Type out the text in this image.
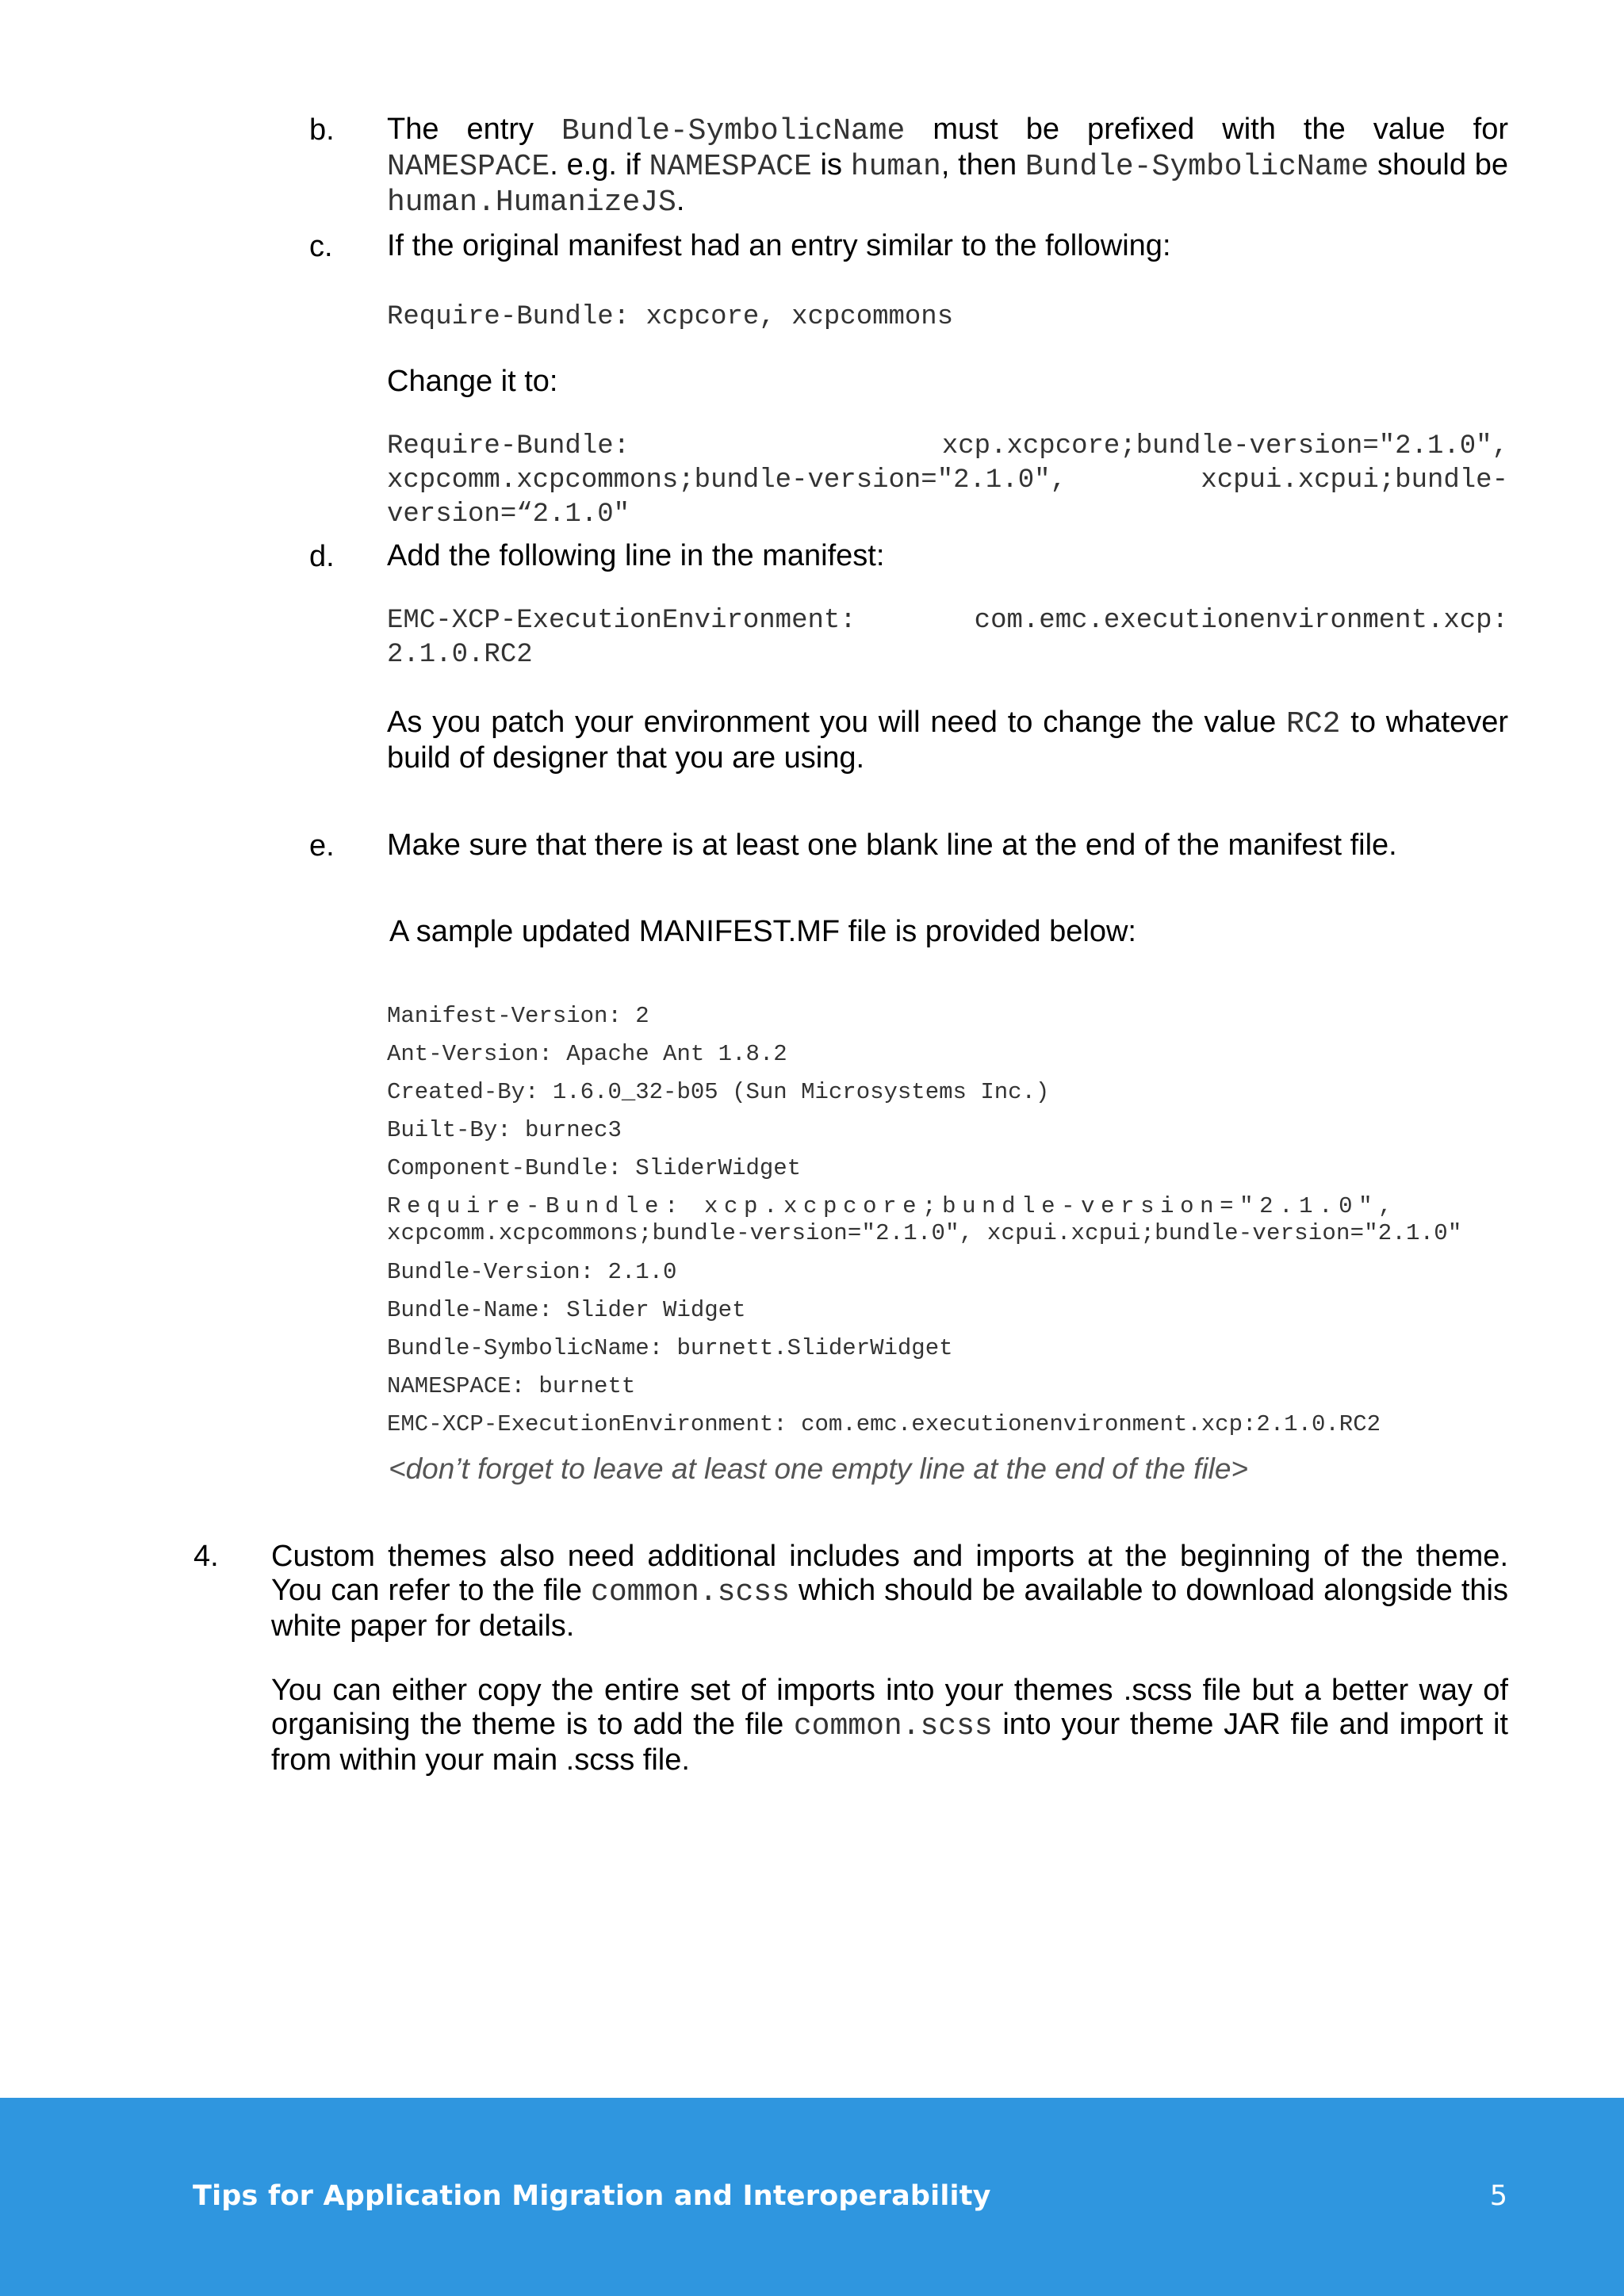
b. The entry Bundle-SymbolicName must be prefixed with the value for NAMESPACE. e.g. if NAMESPACE is human, then Bundle-SymbolicName should be human.HumanizeJS.
c. If the original manifest had an entry similar to the following:
Require-Bundle: xcpcore, xcpcommons
Change it to:
Require-Bundle: xcp.xcpcore;bundle-version="2.1.0", xcpcomm.xcpcommons;bundle-version="2.1.0", xcpui.xcpui;bundle-version=“2.1.0"
d. Add the following line in the manifest:
EMC-XCP-ExecutionEnvironment: com.emc.executionenvironment.xcp: 2.1.0.RC2
As you patch your environment you will need to change the value RC2 to whatever build of designer that you are using.
e. Make sure that there is at least one blank line at the end of the manifest file.
A sample updated MANIFEST.MF file is provided below:
Manifest-Version: 2
Ant-Version: Apache Ant 1.8.2
Created-By: 1.6.0_32-b05 (Sun Microsystems Inc.)
Built-By: burnec3
Component-Bundle: SliderWidget
Require-Bundle: xcp.xcpcore;bundle-version="2.1.0",
xcpcomm.xcpcommons;bundle-version="2.1.0", xcpui.xcpui;bundle-version="2.1.0"
Bundle-Version: 2.1.0
Bundle-Name: Slider Widget
Bundle-SymbolicName: burnett.SliderWidget
NAMESPACE: burnett
EMC-XCP-ExecutionEnvironment: com.emc.executionenvironment.xcp:2.1.0.RC2
<don’t forget to leave at least one empty line at the end of the file>
4. Custom themes also need additional includes and imports at the beginning of the theme. You can refer to the file common.scss which should be available to download alongside this white paper for details.
You can either copy the entire set of imports into your themes .scss file but a better way of organising the theme is to add the file common.scss into your theme JAR file and import it from within your main .scss file.
Tips for Application Migration and Interoperability	5
